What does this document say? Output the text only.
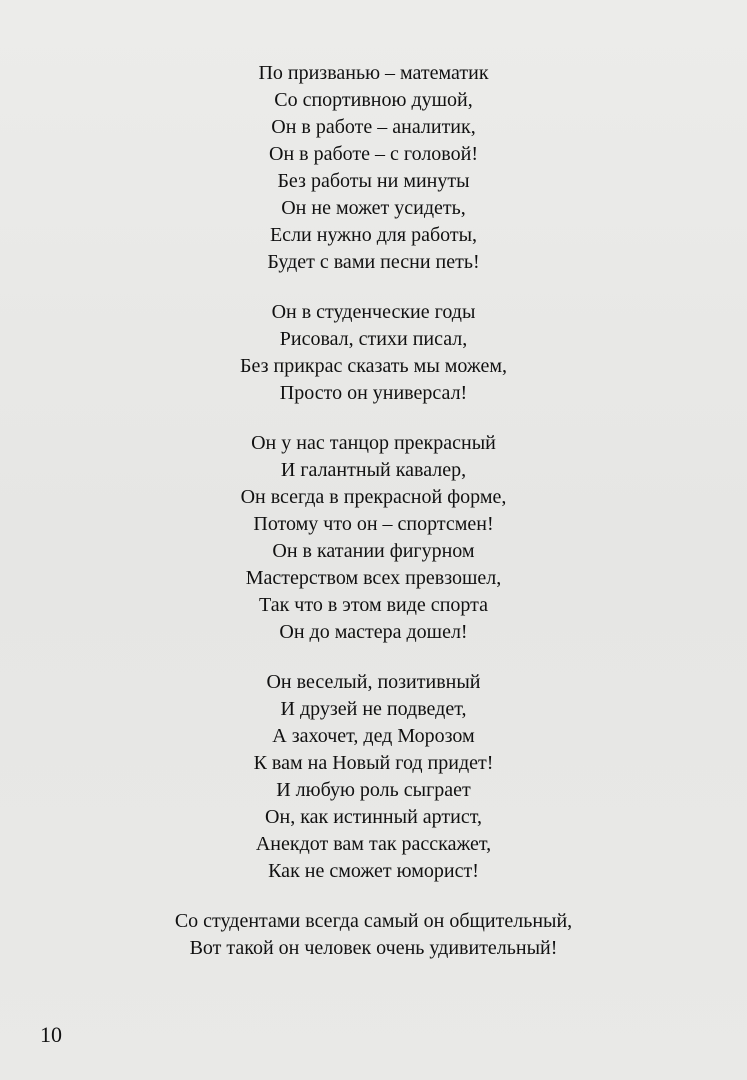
По призванью – математик
Со спортивною душой,
Он в работе – аналитик,
Он в работе – с головой!
Без работы ни минуты
Он не может усидеть,
Если нужно для работы,
Будет с вами песни петь!
Он в студенческие годы
Рисовал, стихи писал,
Без прикрас сказать мы можем,
Просто он универсал!
Он у нас танцор прекрасный
И галантный кавалер,
Он всегда в прекрасной форме,
Потому что он – спортсмен!
Он в катании фигурном
Мастерством всех превзошел,
Так что в этом виде спорта
Он до мастера дошел!
Он веселый, позитивный
И друзей не подведет,
А захочет, дед Морозом
К вам на Новый год придет!
И любую роль сыграет
Он, как истинный артист,
Анекдот вам так расскажет,
Как не сможет юморист!
Со студентами всегда самый он общительный,
Вот такой он человек очень удивительный!
10
